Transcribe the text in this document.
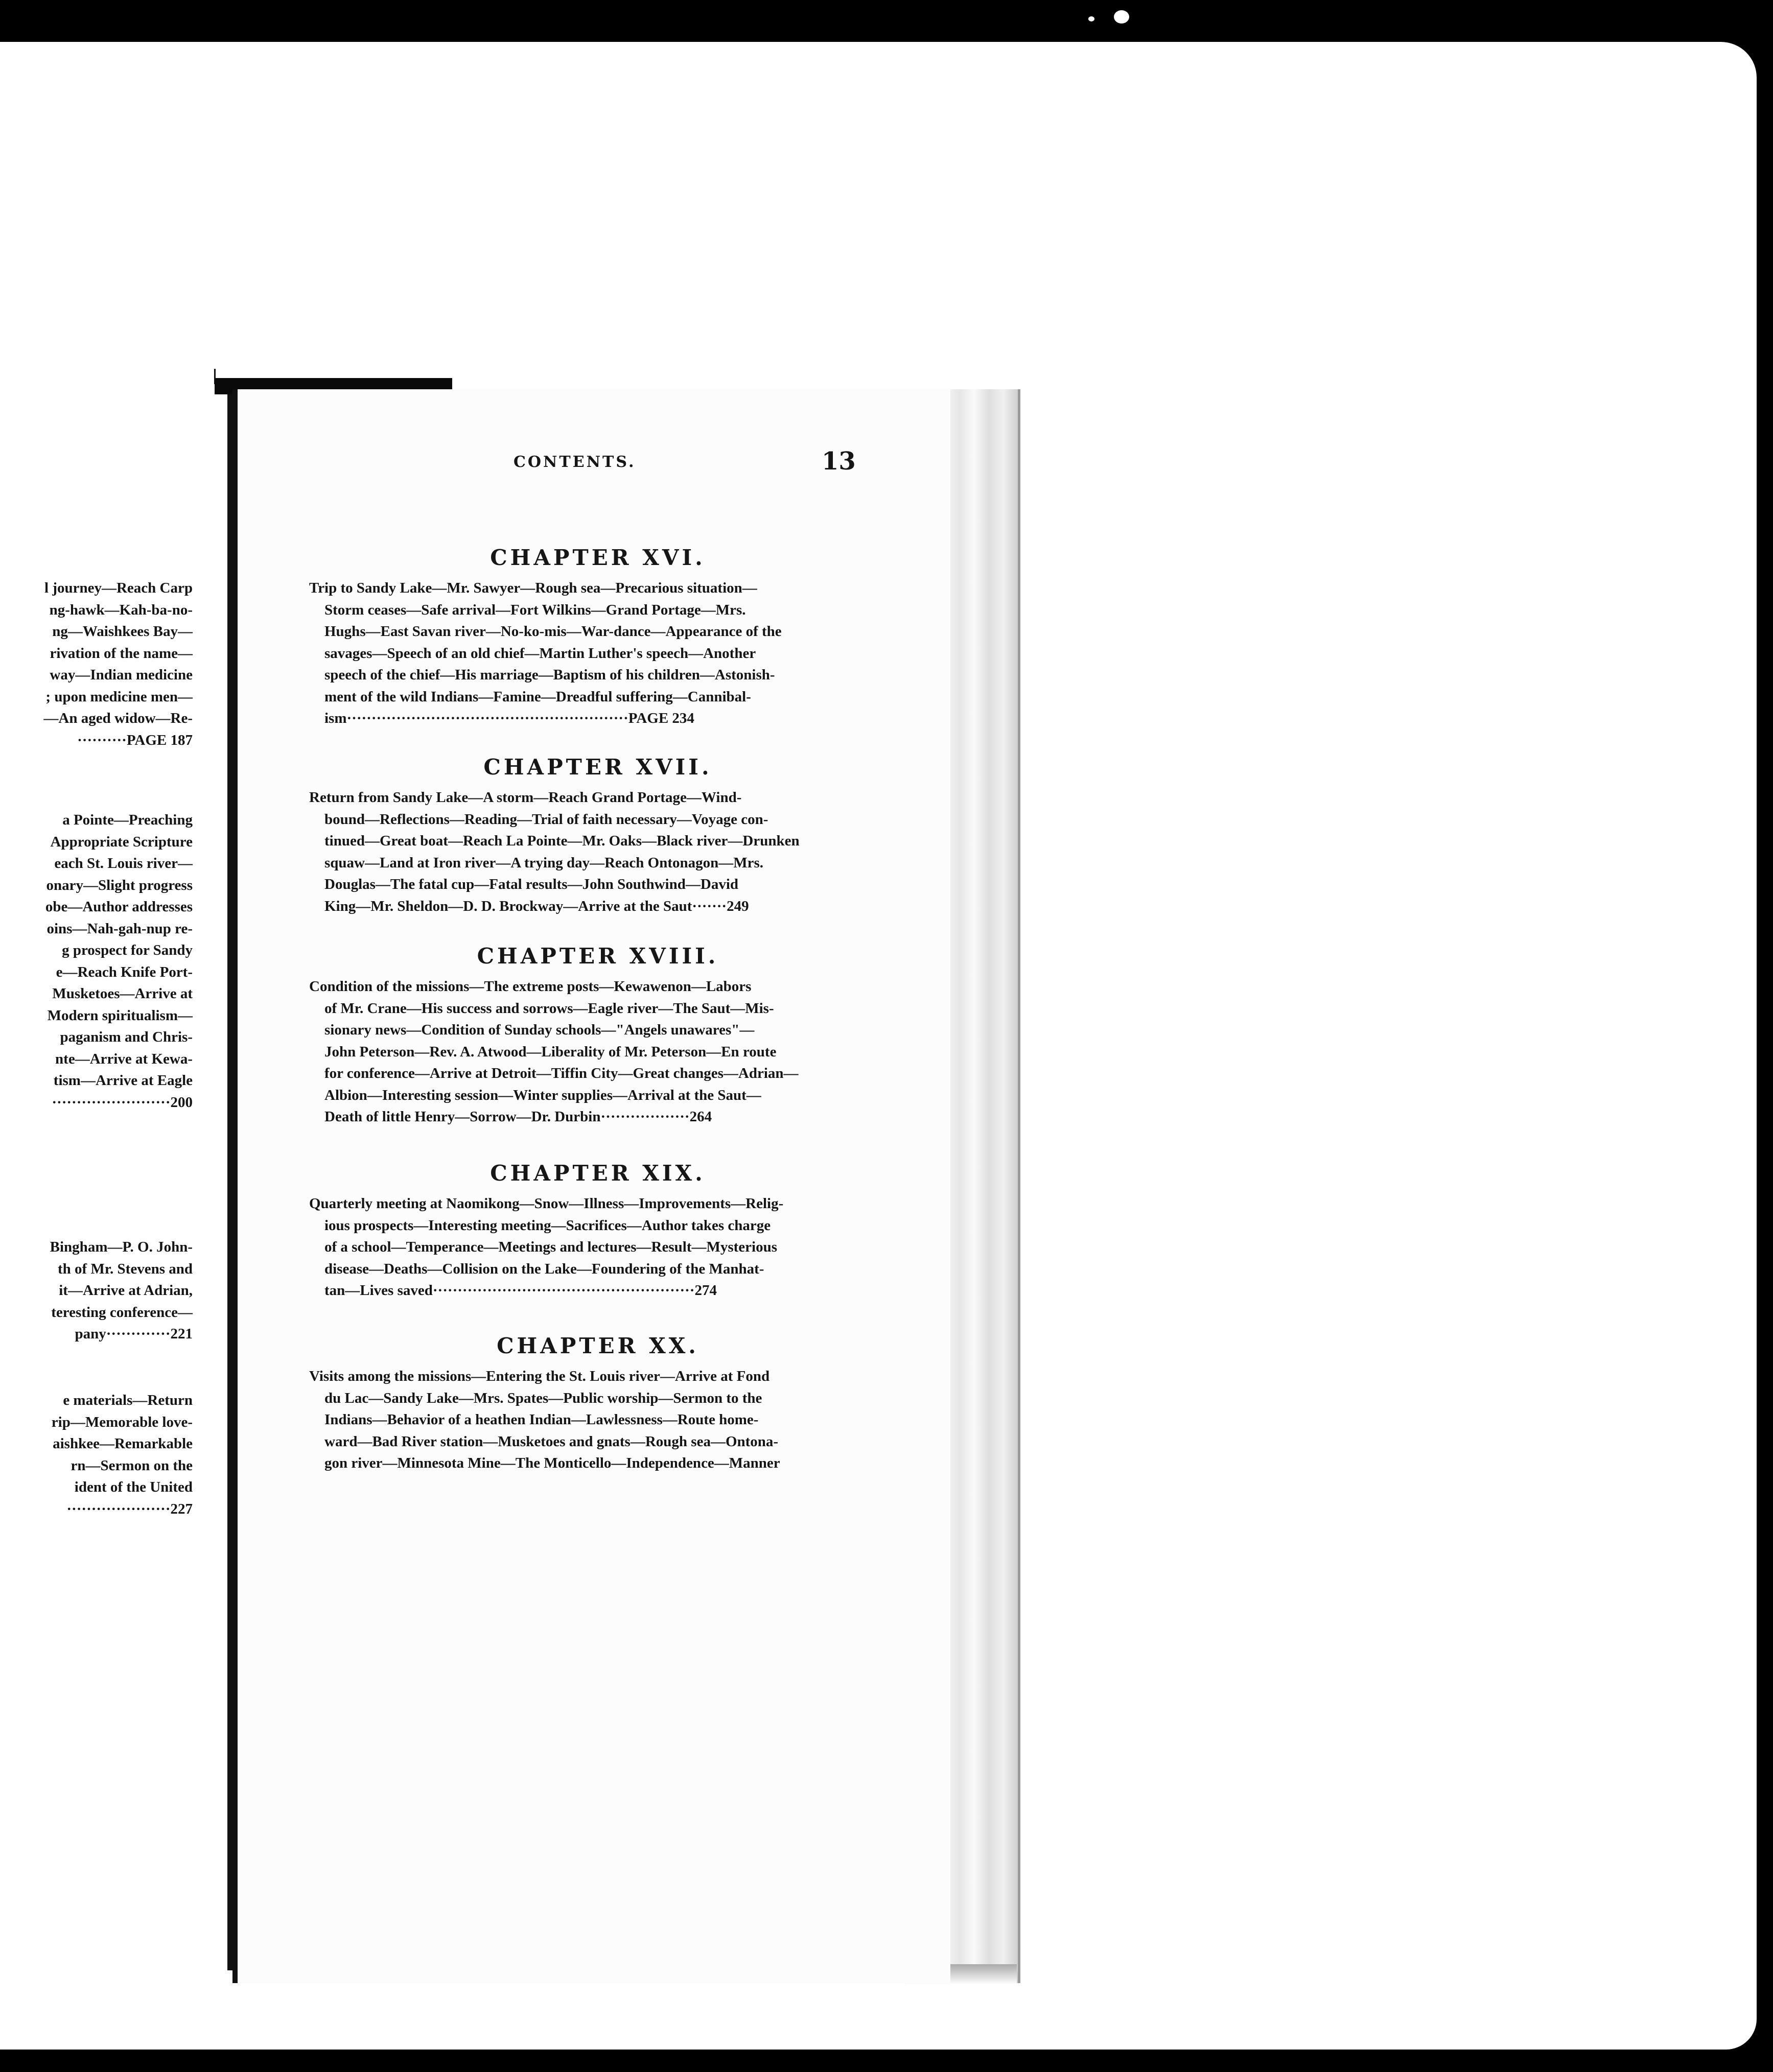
l journey—Reach Carp
ng-hawk—Kah-ba-no-
ng—Waishkees Bay—
rivation of the name—
way—Indian medicine
; upon medicine men—
—An aged widow—Re-
··········PAGE 187
a Pointe—Preaching
Appropriate Scripture
each St. Louis river—
onary—Slight progress
obe—Author addresses
oins—Nah-gah-nup re-
g prospect for Sandy
e—Reach Knife Port-
Musketoes—Arrive at
Modern spiritualism—
paganism and Chris-
nte—Arrive at Kewa-
tism—Arrive at Eagle
························200
Bingham—P. O. John-
th of Mr. Stevens and
it—Arrive at Adrian,
teresting conference—
pany·············221
e materials—Return
rip—Memorable love-
aishkee—Remarkable
rn—Sermon on the
ident of the United
·····················227
CONTENTS.	13
CHAPTER XVI.
Trip to Sandy Lake—Mr. Sawyer—Rough sea—Precarious situation—
Storm ceases—Safe arrival—Fort Wilkins—Grand Portage—Mrs.
Hughs—East Savan river—No-ko-mis—War-dance—Appearance of the
savages—Speech of an old chief—Martin Luther's speech—Another
speech of the chief—His marriage—Baptism of his children—Astonish-
ment of the wild Indians—Famine—Dreadful suffering—Cannibal-
ism·························································PAGE 234
CHAPTER XVII.
Return from Sandy Lake—A storm—Reach Grand Portage—Wind-
bound—Reflections—Reading—Trial of faith necessary—Voyage con-
tinued—Great boat—Reach La Pointe—Mr. Oaks—Black river—Drunken
squaw—Land at Iron river—A trying day—Reach Ontonagon—Mrs.
Douglas—The fatal cup—Fatal results—John Southwind—David
King—Mr. Sheldon—D. D. Brockway—Arrive at the Saut·······249
CHAPTER XVIII.
Condition of the missions—The extreme posts—Kewawenon—Labors
of Mr. Crane—His success and sorrows—Eagle river—The Saut—Mis-
sionary news—Condition of Sunday schools—"Angels unawares"—
John Peterson—Rev. A. Atwood—Liberality of Mr. Peterson—En route
for conference—Arrive at Detroit—Tiffin City—Great changes—Adrian—
Albion—Interesting session—Winter supplies—Arrival at the Saut—
Death of little Henry—Sorrow—Dr. Durbin··················264
CHAPTER XIX.
Quarterly meeting at Naomikong—Snow—Illness—Improvements—Relig-
ious prospects—Interesting meeting—Sacrifices—Author takes charge
of a school—Temperance—Meetings and lectures—Result—Mysterious
disease—Deaths—Collision on the Lake—Foundering of the Manhat-
tan—Lives saved·····················································274
CHAPTER XX.
Visits among the missions—Entering the St. Louis river—Arrive at Fond
du Lac—Sandy Lake—Mrs. Spates—Public worship—Sermon to the
Indians—Behavior of a heathen Indian—Lawlessness—Route home-
ward—Bad River station—Musketoes and gnats—Rough sea—Ontona-
gon river—Minnesota Mine—The Monticello—Independence—Manner
